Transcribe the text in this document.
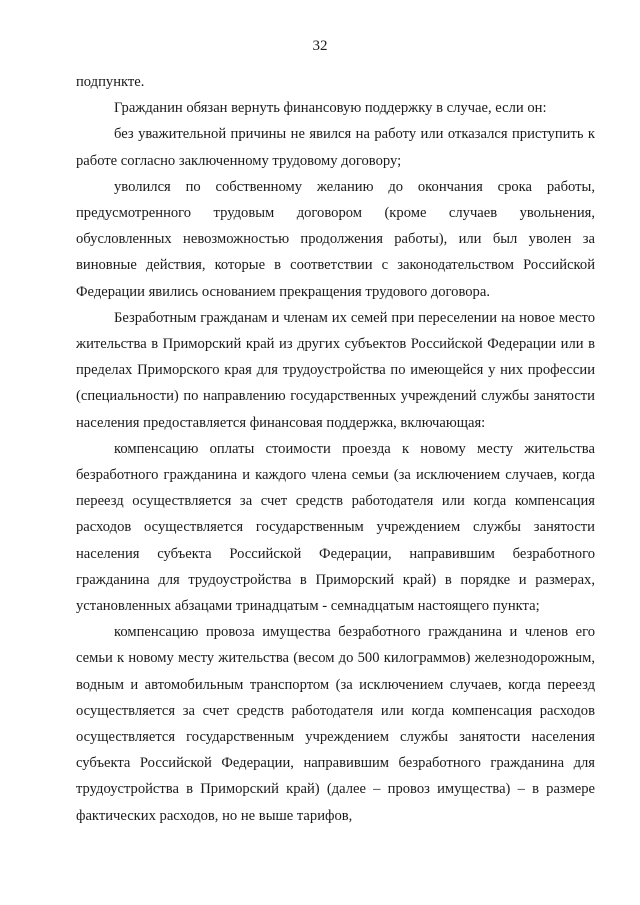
32

подпункте.

Гражданин обязан вернуть финансовую поддержку в случае, если он:

без уважительной причины не явился на работу или отказался приступить к работе согласно заключенному трудовому договору;

уволился по собственному желанию до окончания срока работы, предусмотренного трудовым договором (кроме случаев увольнения, обусловленных невозможностью продолжения работы), или был уволен за виновные действия, которые в соответствии с законодательством Российской Федерации явились основанием прекращения трудового договора.

Безработным гражданам и членам их семей при переселении на новое место жительства в Приморский край из других субъектов Российской Федерации или в пределах Приморского края для трудоустройства по имеющейся у них профессии (специальности) по направлению государственных учреждений службы занятости населения предоставляется финансовая поддержка, включающая:

компенсацию оплаты стоимости проезда к новому месту жительства безработного гражданина и каждого члена семьи (за исключением случаев, когда переезд осуществляется за счет средств работодателя или когда компенсация расходов осуществляется государственным учреждением службы занятости населения субъекта Российской Федерации, направившим безработного гражданина для трудоустройства в Приморский край) в порядке и размерах, установленных абзацами тринадцатым - семнадцатым настоящего пункта;

компенсацию провоза имущества безработного гражданина и членов его семьи к новому месту жительства (весом до 500 килограммов) железнодорожным, водным и автомобильным транспортом (за исключением случаев, когда переезд осуществляется за счет средств работодателя или когда компенсация расходов осуществляется государственным учреждением службы занятости населения субъекта Российской Федерации, направившим безработного гражданина для трудоустройства в Приморский край) (далее – провоз имущества) – в размере фактических расходов, но не выше тарифов,
